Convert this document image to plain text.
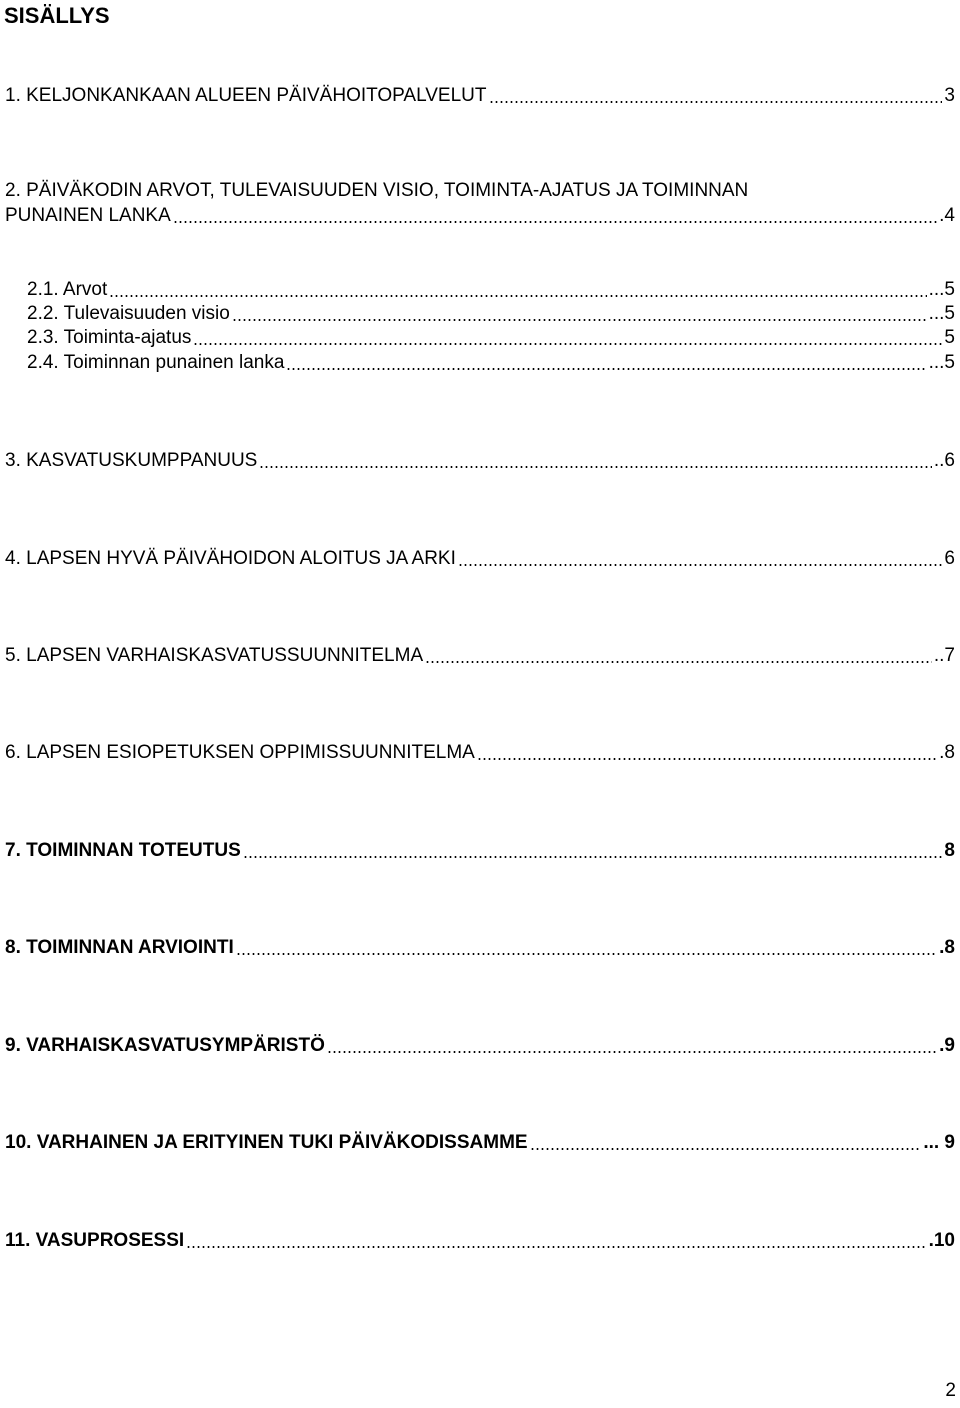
SISÄLLYS
1. KELJONKANKAAN ALUEEN PÄIVÄHOITOPALVELUT	3
2. PÄIVÄKODIN ARVOT, TULEVAISUUDEN VISIO, TOIMINTA-AJATUS JA TOIMINNAN
PUNAINEN LANKA	.4
2.1. Arvot	...5
2.2. Tulevaisuuden visio	...5
2.3. Toiminta-ajatus	5
2.4. Toiminnan punainen lanka	...5
3. KASVATUSKUMPPANUUS	..6
4. LAPSEN HYVÄ PÄIVÄHOIDON ALOITUS JA ARKI	6
5. LAPSEN VARHAISKASVATUSSUUNNITELMA	..7
6. LAPSEN ESIOPETUKSEN OPPIMISSUUNNITELMA	.8
7. TOIMINNAN TOTEUTUS	8
8. TOIMINNAN ARVIOINTI	.8
9. VARHAISKASVATUSYMPÄRISTÖ	.9
10. VARHAINEN JA ERITYINEN TUKI PÄIVÄKODISSAMME	... 9
11. VASUPROSESSI	.10
2
